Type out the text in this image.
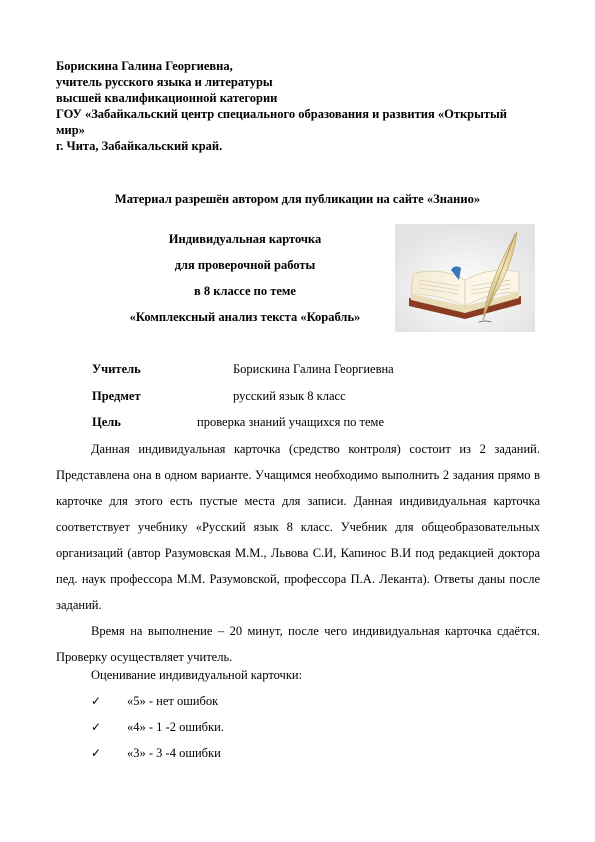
Борискина Галина Георгиевна,
учитель русского языка и литературы
высшей квалификационной категории
ГОУ «Забайкальский центр специального образования и развития «Открытый мир»
г. Чита, Забайкальский край.
Материал разрешён автором для публикации на сайте «Знанио»
Индивидуальная карточка
для проверочной работы
в 8 классе по теме
«Комплексный анализ текста «Корабль»
Учитель	Борискина Галина Георгиевна
Предмет	русский язык 8 класс
Цель	проверка знаний учащихся по теме

Данная индивидуальная карточка (средство контроля) состоит из 2 заданий. Представлена она в одном варианте. Учащимся необходимо выполнить 2 задания прямо в карточке для этого есть пустые места для записи. Данная индивидуальная карточка соответствует учебнику «Русский язык 8 класс. Учебник для общеобразовательных организаций (автор Разумовская М.М., Львова С.И, Капинос В.И под редакцией доктора пед. наук профессора М.М. Разумовской, профессора П.А. Леканта). Ответы даны после заданий.

Время на выполнение – 20 минут, после чего индивидуальная карточка сдаётся. Проверку осуществляет учитель.

Оценивание индивидуальной карточки:
✓ «5» - нет ошибок
✓ «4» - 1 -2 ошибки.
✓ «3» - 3 -4 ошибки
